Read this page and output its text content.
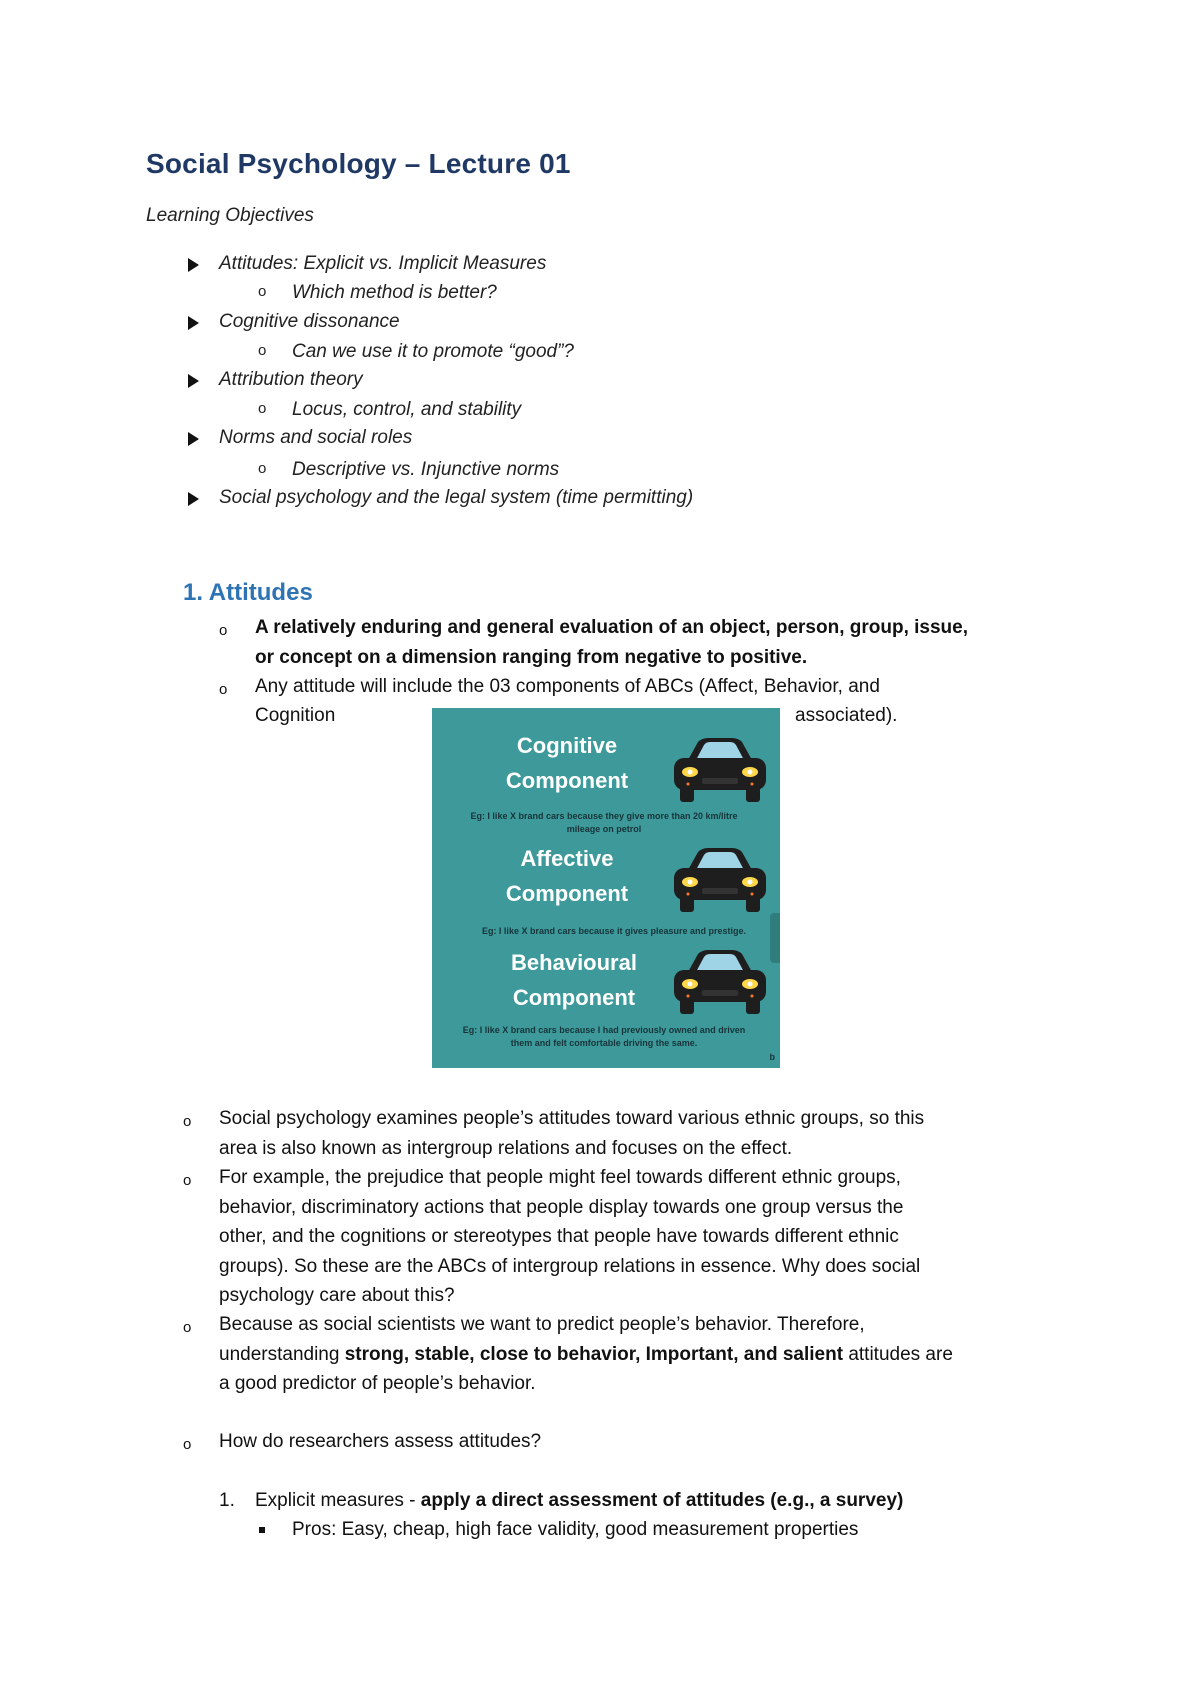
Social Psychology – Lecture 01

Learning Objectives

Attitudes: Explicit vs. Implicit Measures
o Which method is better?
Cognitive dissonance
o Can we use it to promote “good”?
Attribution theory
o Locus, control, and stability
Norms and social roles
o Descriptive vs. Injunctive norms
Social psychology and the legal system (time permitting)
1. Attitudes
o A relatively enduring and general evaluation of an object, person, group, issue,
or concept on a dimension ranging from negative to positive.
o Any attitude will include the 03 components of ABCs (Affect, Behavior, and
Cognition	associated).
Cognitive
Component
Eg: I like X brand cars because they give more than 20 km/litre
mileage on petrol
Affective
Component
Eg: I like X brand cars because it gives pleasure and prestige.
Behavioural
Component
Eg: I like X brand cars because I had previously owned and driven
them and felt comfortable driving the same.
b
o Social psychology examines people’s attitudes toward various ethnic groups, so this
area is also known as intergroup relations and focuses on the effect.
o For example, the prejudice that people might feel towards different ethnic groups,
behavior, discriminatory actions that people display towards one group versus the
other, and the cognitions or stereotypes that people have towards different ethnic
groups). So these are the ABCs of intergroup relations in essence. Why does social
psychology care about this?
o Because as social scientists we want to predict people’s behavior. Therefore,
understanding strong, stable, close to behavior, Important, and salient attitudes are
a good predictor of people’s behavior.
o How do researchers assess attitudes?
1. Explicit measures - apply a direct assessment of attitudes (e.g., a survey)
Pros: Easy, cheap, high face validity, good measurement properties
